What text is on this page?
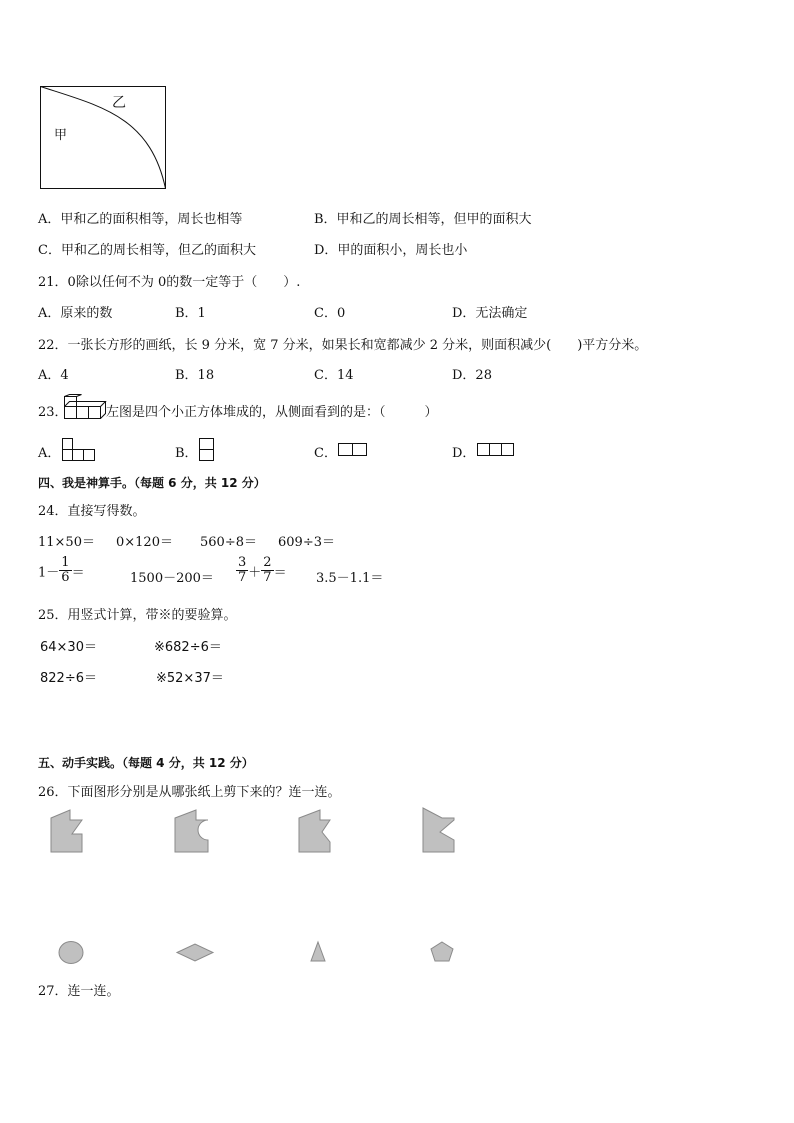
甲
乙
A．甲和乙的面积相等，周长也相等	B．甲和乙的周长相等，但甲的面积大
C．甲和乙的周长相等，但乙的面积大	D．甲的面积小，周长也小
21．0除以任何不为 0的数一定等于（　　）.
A．原来的数	B．1	C．0	D．无法确定
22．一张长方形的画纸，长 9 分米，宽 7 分米，如果长和宽都减少 2 分米，则面积减少(　　)平方分米。
A．4	B．18	C．14	D．28
23．	左图是四个小正方体堆成的，从侧面看到的是：（　　　）
A．	B．	C．	D．
四、我是神算手。（每题 6 分，共 12 分）
24．直接写得数。
11×50＝ 0×120＝ 560÷8＝ 609÷3＝
$1- \frac{1}{6}$ ＝	$1500-200= \frac{3}{7} + \frac{2}{7} = 3.5-1.1=$
25．用竖式计算，带※的要验算。
64×30＝	※682÷6＝
822÷6＝	※52×37＝
五、动手实践。（每题 4 分，共 12 分）
26．下面图形分别是从哪张纸上剪下来的？连一连。
27．连一连。
